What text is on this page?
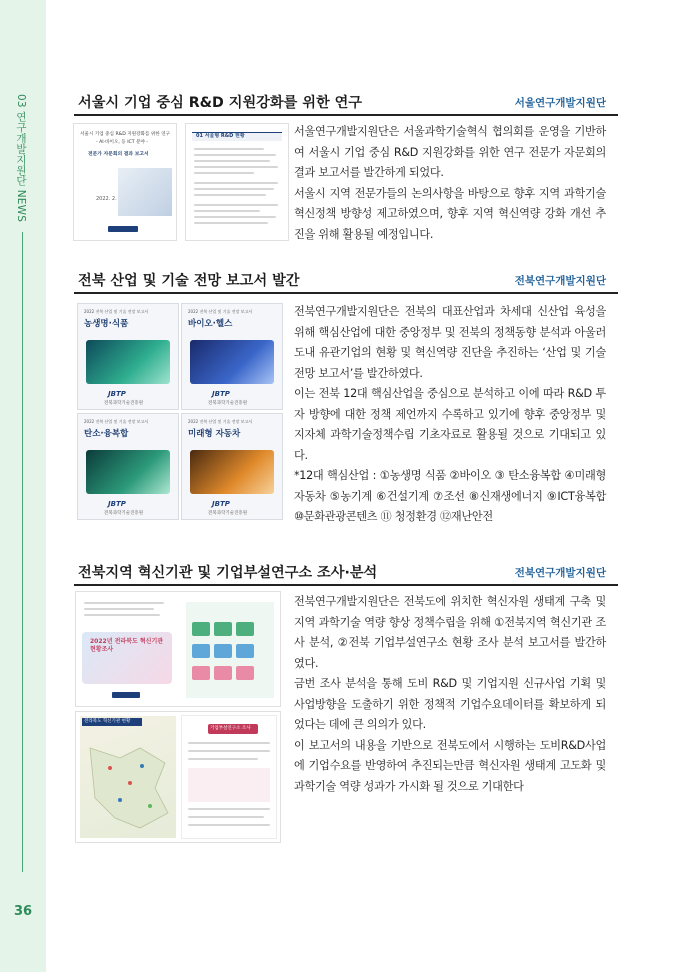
03 연구개발지원단 NEWS
36
서울시 기업 중심 R&D 지원강화를 위한 연구	서울연구개발지원단
서울시 기업 중심 R&D 지원강화를 위한 연구
- AI·바이오, 등 ICT 분야 -
전문가 자문회의 결과 보고서
2022. 2.
01 서울형 R&D 현황	서울연구개발지원단은 서울과학기술혁식 협의회를 운영을 기반하여 서울시 기업 중심 R&D 지원강화를 위한 연구 전문가 자문회의 결과 보고서를 발간하게 되었다.

서울시 지역 전문가들의 논의사항을 바탕으로 향후 지역 과학기술 혁신정책 방향성 제고하였으며, 향후 지역 혁신역량 강화 개선 추진을 위해 활용될 예정입니다.

전북 산업 및 기술 전망 보고서 발간	전북연구개발지원단
2022 전북 산업 및 기술 전망 보고서
농생명·식품
JBTP
전북과학기술진흥원
2022 전북 산업 및 기술 전망 보고서
바이오·헬스
JBTP
전북과학기술진흥원
2022 전북 산업 및 기술 전망 보고서
탄소·융복합
JBTP
전북과학기술진흥원
2022 전북 산업 및 기술 전망 보고서
미래형 자동차
JBTP
전북과학기술진흥원

전북연구개발지원단은 전북의 대표산업과 차세대 신산업 육성을 위해 핵심산업에 대한 중앙정부 및 전북의 정책동향 분석과 아울러 도내 유관기업의 현황 및 혁신역량 진단을 추진하는 ‘산업 및 기술 전망 보고서’를 발간하였다.

이는 전북 12대 핵심산업을 중심으로 분석하고 이에 따라 R&D 투자 방향에 대한 정책 제언까지 수록하고 있기에 향후 중앙정부 및 지자체 과학기술정책수립 기초자료로 활용될 것으로 기대되고 있다.

*12대 핵심산업 : ①농생명 식품 ②바이오 ③ 탄소융복합 ④미래형자동차 ⑤농기계 ⑥건설기계 ⑦조선 ⑧신재생에너지 ⑨ICT융복합 ⑩문화관광콘텐츠 ⑪ 청정환경 ⑫재난안전

전북지역 혁신기관 및 기업부설연구소 조사·분석	전북연구개발지원단
2022년 전라북도 혁신기관 현황조사
전라북도 혁신기관 현황
기업부설연구소 조사

전북연구개발지원단은 전북도에 위치한 혁신자원 생태계 구축 및 지역 과학기술 역량 향상 정책수립을 위해 ①전북지역 혁신기관 조사 분석, ②전북 기업부설연구소 현황 조사 분석 보고서를 발간하였다.

금번 조사 분석을 통해 도비 R&D 및 기업지원 신규사업 기획 및 사업방향을 도출하기 위한 정책적 기업수요데이터를 확보하게 되었다는 데에 큰 의의가 있다.

이 보고서의 내용을 기반으로 전북도에서 시행하는 도비R&D사업에 기업수요를 반영하여 추진되는만큼 혁신자원 생태계 고도화 및 과학기술 역량 성과가 가시화 될 것으로 기대한다
